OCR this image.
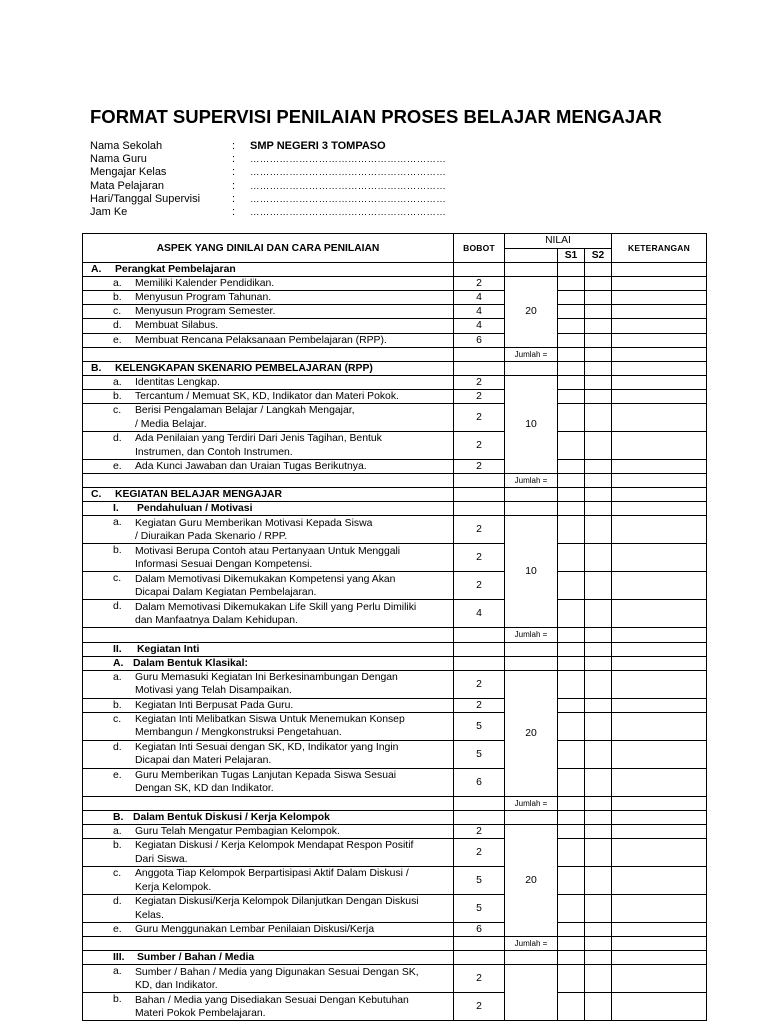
FORMAT SUPERVISI PENILAIAN PROSES BELAJAR MENGAJAR
Nama Sekolah	: SMP NEGERI 3 TOMPASO
Nama Guru	: ……………………………………………………
Mengajar Kelas	: ……………………………………………………
Mata Pelajaran	: ……………………………………………………
Hari/Tanggal Supervisi	: ……………………………………………………
Jam Ke	: ……………………………………………………
ASPEK YANG DINILAI DAN CARA PENILAIAN	BOBOT	NILAI			KETERANGAN
			S1	S2	
A. Perangkat Pembelajaran					

a. Memiliki Kalender Pendidikan.	2	20			

b. Menyusun Program Tahunan.	4				

c. Menyusun Program Semester.	4				

d. Membuat Silabus.	4				

e. Membuat Rencana Pelaksanaan Pembelajaran (RPP).	6				
		Jumlah =			
B. KELENGKAPAN SKENARIO PEMBELAJARAN (RPP)					

a. Identitas Lengkap.	2	10			

b. Tercantum / Memuat SK, KD, Indikator dan Materi Pokok.	2				

c. Berisi Pengalaman Belajar / Langkah Mengajar,
/ Media Belajar.	2				

d. Ada Penilaian yang Terdiri Dari Jenis Tagihan, Bentuk
Instrumen, dan Contoh Instrumen.	2				

e. Ada Kunci Jawaban dan Uraian Tugas Berikutnya.	2				
		Jumlah =			
C. KEGIATAN BELAJAR MENGAJAR					
I. Pendahuluan / Motivasi					

a. Kegiatan Guru Memberikan Motivasi Kepada Siswa
/ Diuraikan Pada Skenario / RPP.	2	10			

b. Motivasi Berupa Contoh atau Pertanyaan Untuk Menggali
Informasi Sesuai Dengan Kompetensi.	2				

c. Dalam Memotivasi Dikemukakan Kompetensi yang Akan
Dicapai Dalam Kegiatan Pembelajaran.	2				

d. Dalam Memotivasi Dikemukakan Life Skill yang Perlu Dimiliki
dan Manfaatnya Dalam Kehidupan.	4				
		Jumlah =			
II. Kegiatan Inti					
A. Dalam Bentuk Klasikal:					

a. Guru Memasuki Kegiatan Ini Berkesinambungan Dengan
Motivasi yang Telah Disampaikan.	2	20			

b. Kegiatan Inti Berpusat Pada Guru.	2				

c. Kegiatan Inti Melibatkan Siswa Untuk Menemukan Konsep
Membangun / Mengkonstruksi Pengetahuan.	5				

d. Kegiatan Inti Sesuai dengan SK, KD, Indikator yang Ingin
Dicapai dan Materi Pelajaran.	5				

e. Guru Memberikan Tugas Lanjutan Kepada Siswa Sesuai
Dengan SK, KD dan Indikator.	6				
		Jumlah =			
B. Dalam Bentuk Diskusi / Kerja Kelompok					

a. Guru Telah Mengatur Pembagian Kelompok.	2	20			

b. Kegiatan Diskusi / Kerja Kelompok Mendapat Respon Positif
Dari Siswa.	2				

c. Anggota Tiap Kelompok Berpartisipasi Aktif Dalam Diskusi /
Kerja Kelompok.	5				

d. Kegiatan Diskusi/Kerja Kelompok Dilanjutkan Dengan Diskusi
Kelas.	5				

e. Guru Menggunakan Lembar Penilaian Diskusi/Kerja	6				
		Jumlah =			
III. Sumber / Bahan / Media					

a. Sumber / Bahan / Media yang Digunakan Sesuai Dengan SK,
KD, dan Indikator.	2				

b. Bahan / Media yang Disediakan Sesuai Dengan Kebutuhan
Materi Pokok Pembelajaran.	2				
